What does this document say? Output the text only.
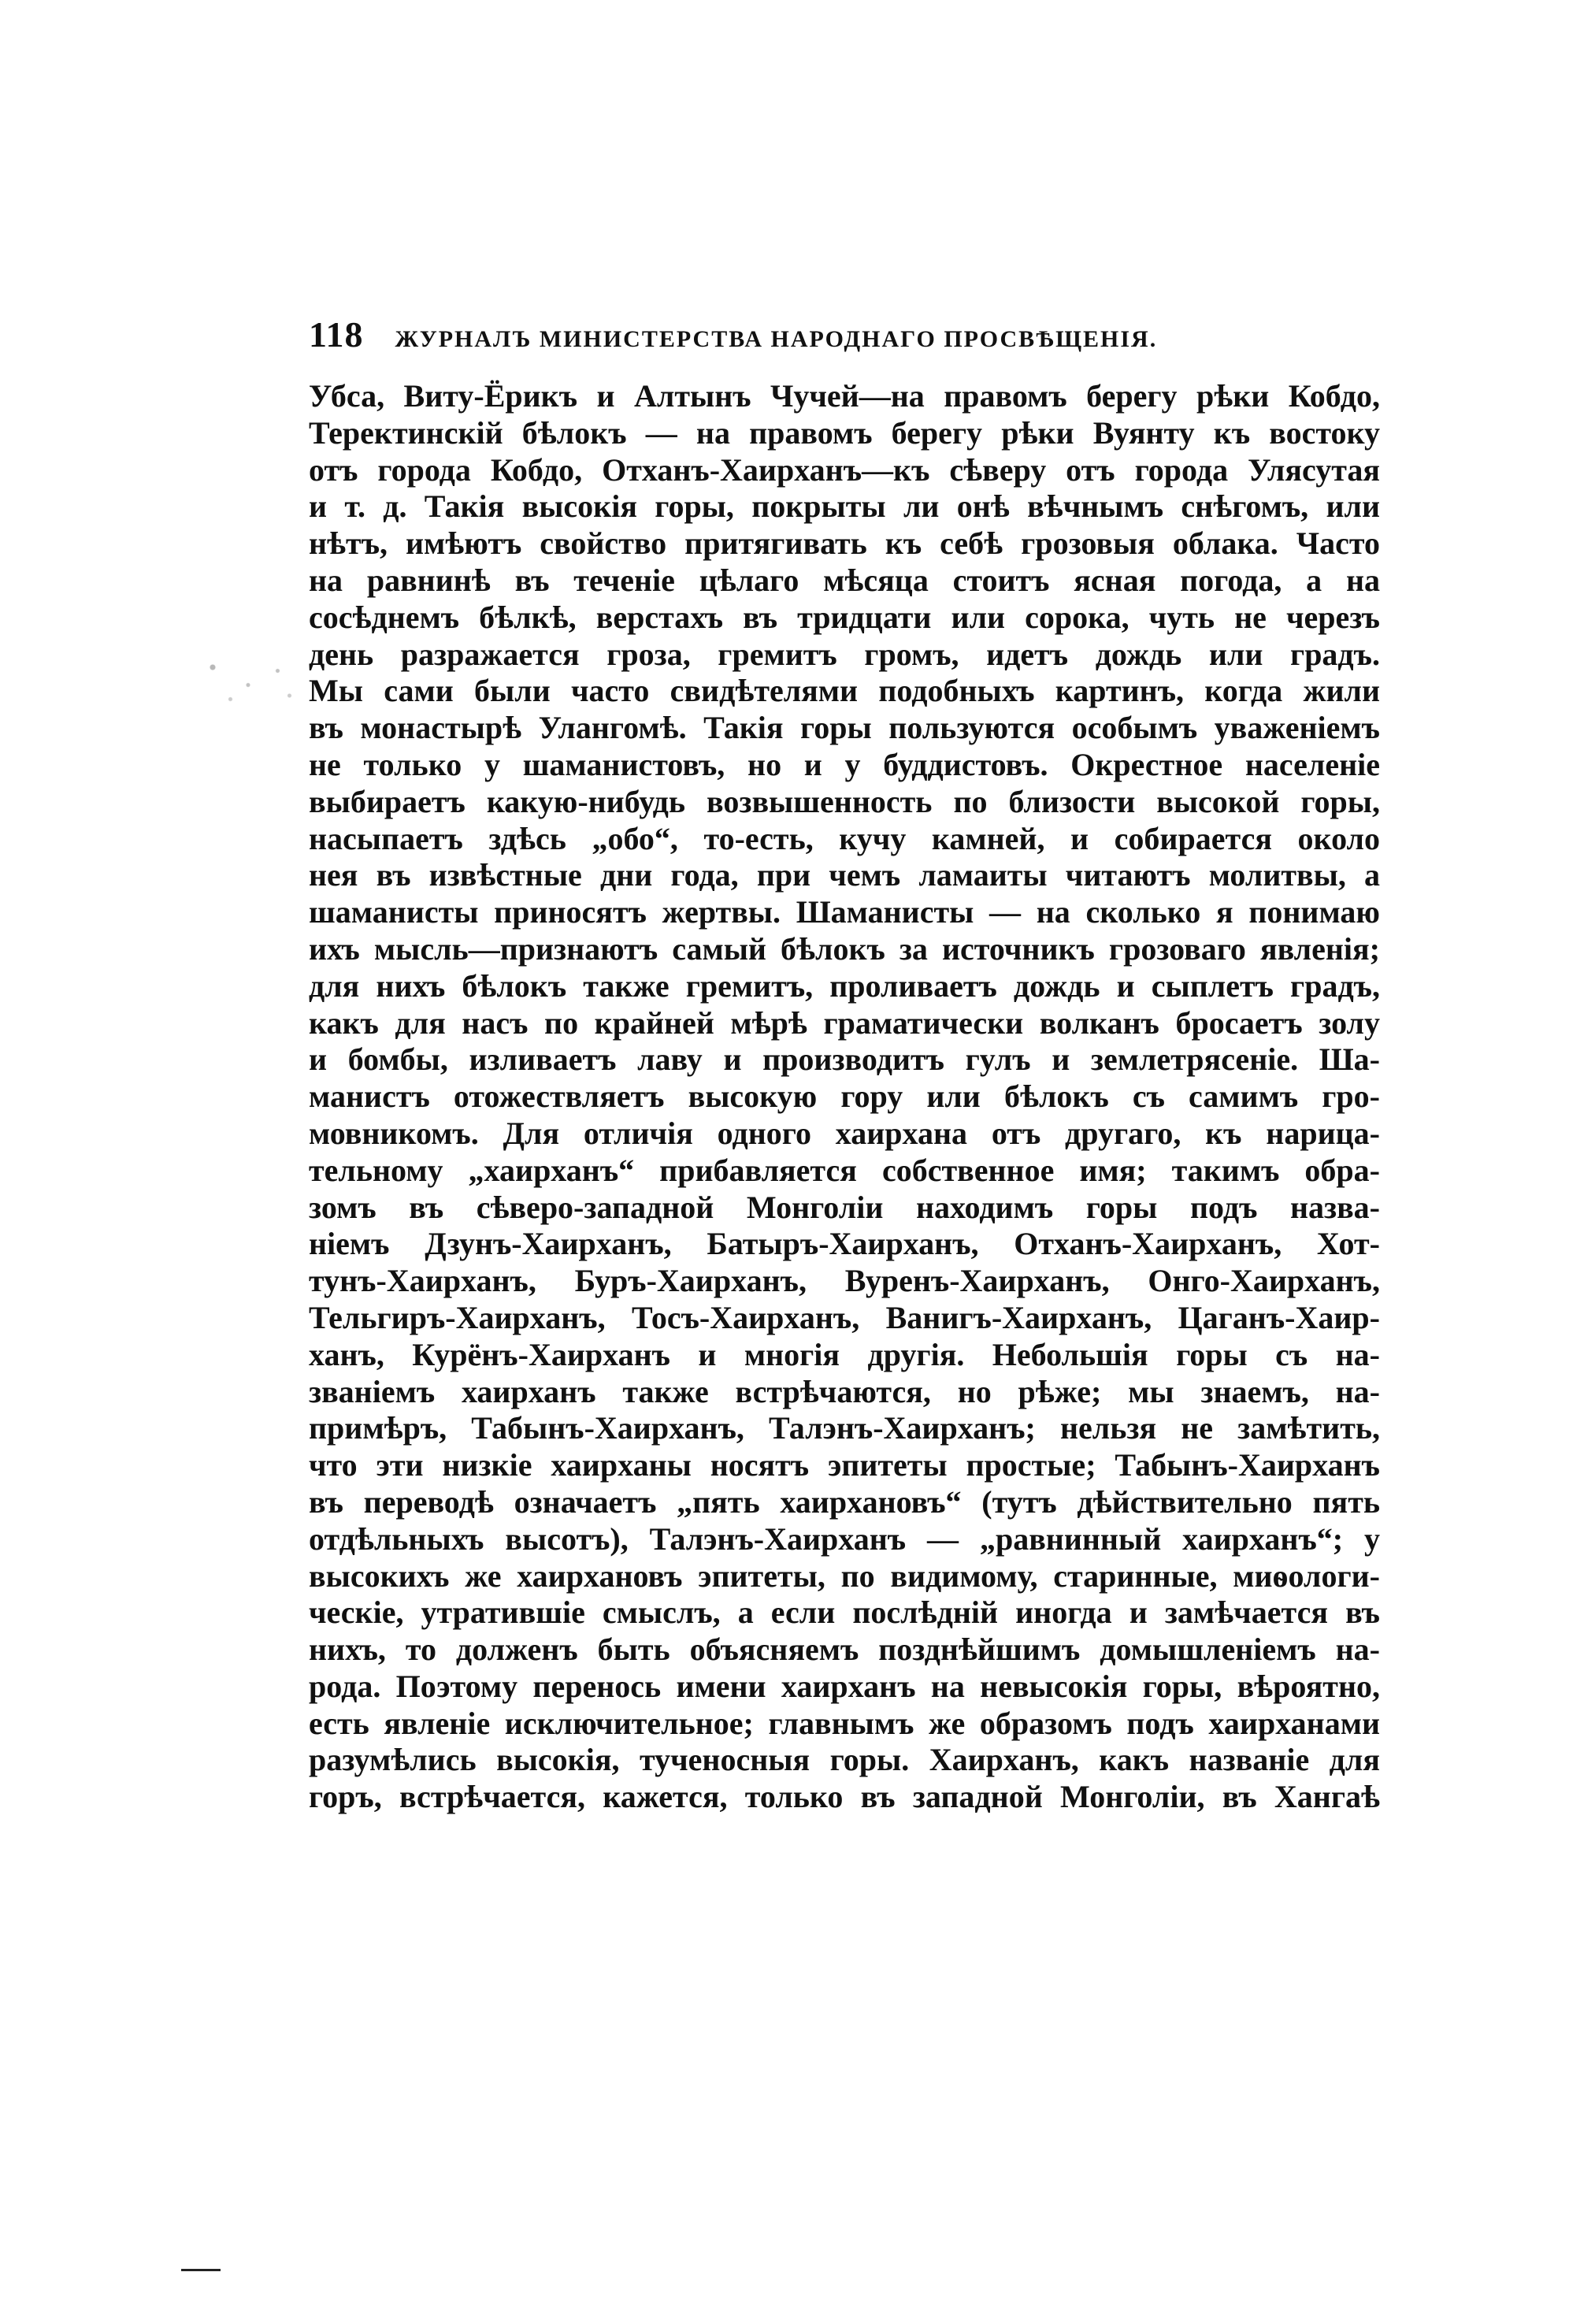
118 ЖУРНАЛЪ МИНИСТЕРСТВА НАРОДНАГО ПРОСВѢЩЕНІЯ.
Убса, Виту-Ёрикъ и Алтынъ Чучей—на правомъ берегу рѣки Кобдо,
Теректинскій бѣлокъ — на правомъ берегу рѣки Вуянту къ востоку
отъ города Кобдо, Отханъ-Хаирханъ—къ сѣверу отъ города Улясутая
и т. д. Такія высокія горы, покрыты ли онѣ вѣчнымъ снѣгомъ, или
нѣтъ, имѣютъ свойство притягивать къ себѣ грозовыя облака. Часто
на равнинѣ въ теченіе цѣлаго мѣсяца стоитъ ясная погода, а на
сосѣднемъ бѣлкѣ, верстахъ въ тридцати или сорока, чуть не черезъ
день разражается гроза, гремитъ громъ, идетъ дождь или градъ.
Мы сами были часто свидѣтелями подобныхъ картинъ, когда жили
въ монастырѣ Улангомѣ. Такія горы пользуются особымъ уваженіемъ
не только у шаманистовъ, но и у буддистовъ. Окрестное населеніе
выбираетъ какую-нибудь возвышенность по близости высокой горы,
насыпаетъ здѣсь „обо“, то-есть, кучу камней, и собирается около
нея въ извѣстные дни года, при чемъ ламаиты читаютъ молитвы, а
шаманисты приносятъ жертвы. Шаманисты — на сколько я понимаю
ихъ мысль—признаютъ самый бѣлокъ за источникъ грозоваго явленія;
для нихъ бѣлокъ также гремитъ, проливаетъ дождь и сыплетъ градъ,
какъ для насъ по крайней мѣрѣ граматически волканъ бросаетъ золу
и бомбы, изливаетъ лаву и производитъ гулъ и землетрясеніе. Ша-
манистъ отожествляетъ высокую гору или бѣлокъ съ самимъ гро-
мовникомъ. Для отличія одного хаирхана отъ другаго, къ нарица-
тельному „хаирханъ“ прибавляется собственное имя; такимъ обра-
зомъ въ сѣверо-западной Монголіи находимъ горы подъ назва-
ніемъ Дзунъ-Хаирханъ, Батыръ-Хаирханъ, Отханъ-Хаирханъ, Хот-
тунъ-Хаирханъ, Буръ-Хаирханъ, Вуренъ-Хаирханъ, Онго-Хаирханъ,
Тельгиръ-Хаирханъ, Тосъ-Хаирханъ, Ванигъ-Хаирханъ, Цаганъ-Хаир-
ханъ, Курёнъ-Хаирханъ и многія другія. Небольшія горы съ на-
званіемъ хаирханъ также встрѣчаются, но рѣже; мы знаемъ, на-
примѣръ, Табынъ-Хаирханъ, Талэнъ-Хаирханъ; нельзя не замѣтить,
что эти низкіе хаирханы носятъ эпитеты простые; Табынъ-Хаирханъ
въ переводѣ означаетъ „пять хаирхановъ“ (тутъ дѣйствительно пять
отдѣльныхъ высотъ), Талэнъ-Хаирханъ — „равнинный хаирханъ“; у
высокихъ же хаирхановъ эпитеты, по видимому, старинные, миѳологи-
ческіе, утратившіе смыслъ, а если послѣдній иногда и замѣчается въ
нихъ, то долженъ быть объясняемъ позднѣйшимъ домышленіемъ на-
рода. Поэтому перенось имени хаирханъ на невысокія горы, вѣроятно,
есть явленіе исключительное; главнымъ же образомъ подъ хаирханами
разумѣлись высокія, тученосныя горы. Хаирханъ, какъ названіе для
горъ, встрѣчается, кажется, только въ западной Монголіи, въ Хангаѣ
